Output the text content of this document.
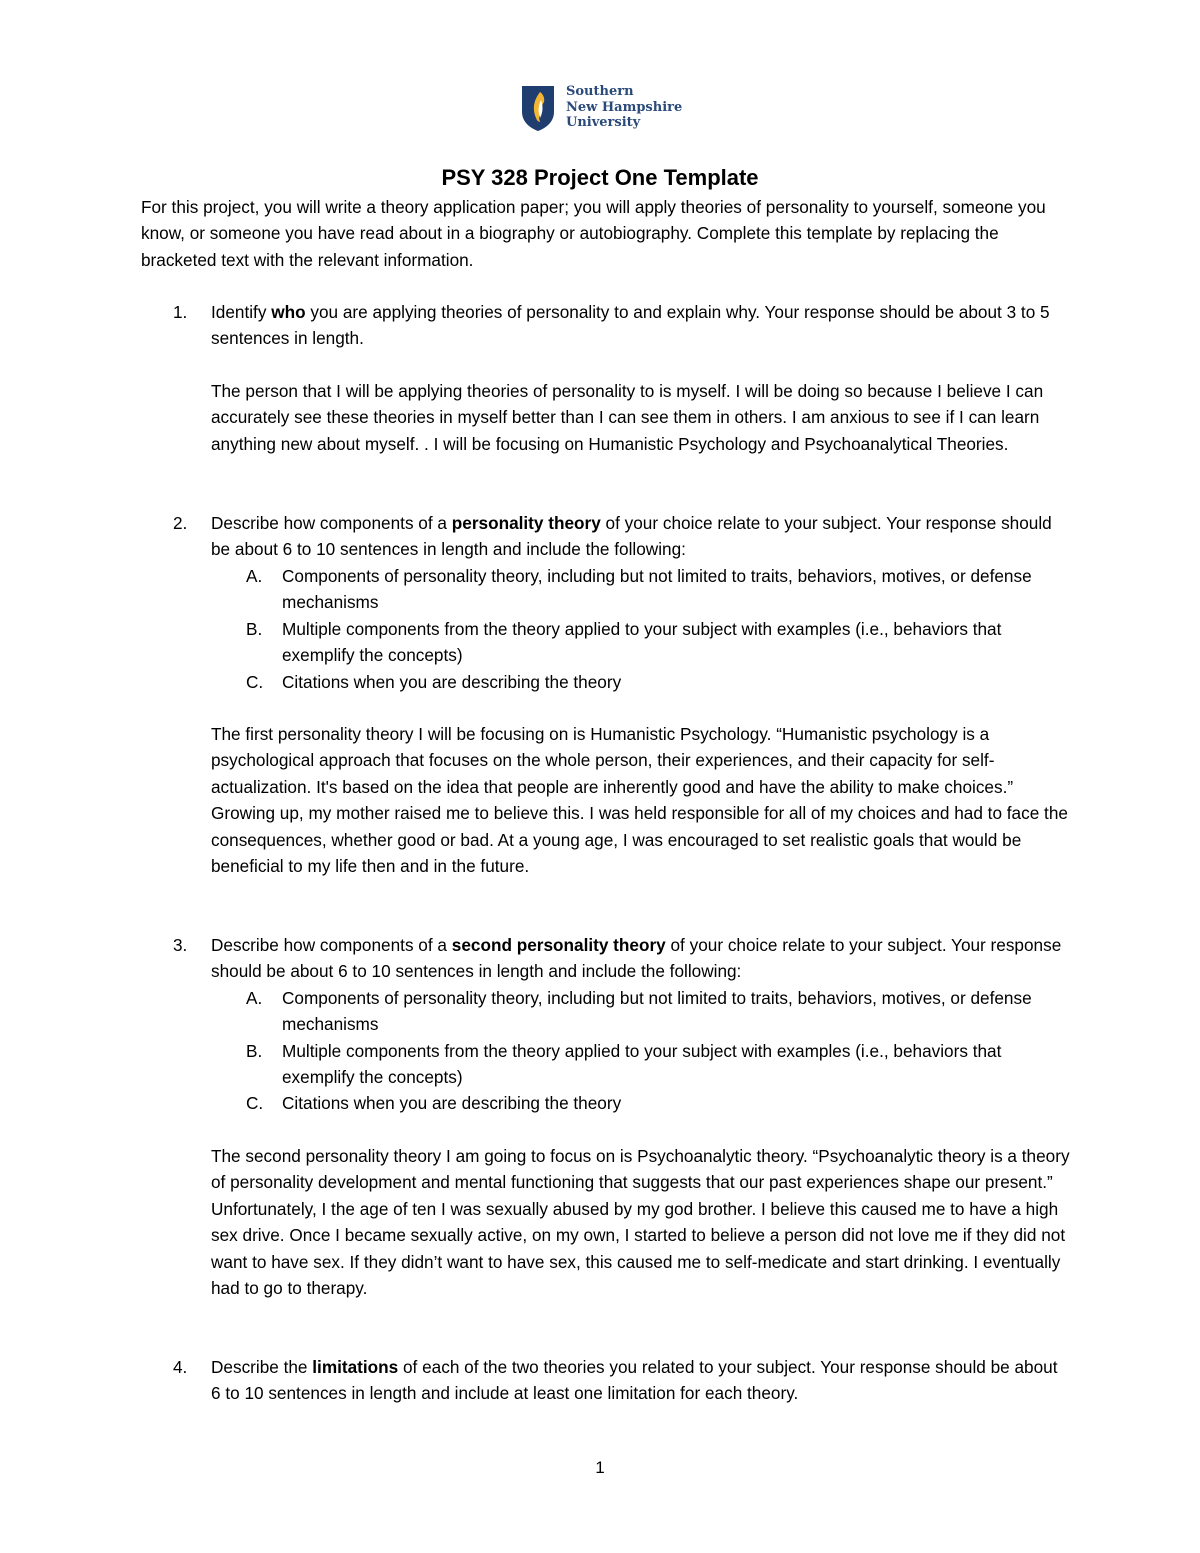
Southern
New Hampshire
University
PSY 328 Project One Template
For this project, you will write a theory application paper; you will apply theories of personality to yourself, someone you know, or someone you have read about in a biography or autobiography. Complete this template by replacing the bracketed text with the relevant information.
1. Identify who you are applying theories of personality to and explain why. Your response should be about 3 to 5 sentences in length.
The person that I will be applying theories of personality to is myself. I will be doing so because I believe I can accurately see these theories in myself better than I can see them in others. I am anxious to see if I can learn anything new about myself. . I will be focusing on Humanistic Psychology and Psychoanalytical Theories.
2. Describe how components of a personality theory of your choice relate to your subject. Your response should be about 6 to 10 sentences in length and include the following:
A. Components of personality theory, including but not limited to traits, behaviors, motives, or defense mechanisms
B. Multiple components from the theory applied to your subject with examples (i.e., behaviors that exemplify the concepts)
C. Citations when you are describing the theory
The first personality theory I will be focusing on is Humanistic Psychology. “Humanistic psychology is a psychological approach that focuses on the whole person, their experiences, and their capacity for self-actualization. It's based on the idea that people are inherently good and have the ability to make choices.” Growing up, my mother raised me to believe this. I was held responsible for all of my choices and had to face the consequences, whether good or bad. At a young age, I was encouraged to set realistic goals that would be beneficial to my life then and in the future.
3. Describe how components of a second personality theory of your choice relate to your subject. Your response should be about 6 to 10 sentences in length and include the following:
A. Components of personality theory, including but not limited to traits, behaviors, motives, or defense mechanisms
B. Multiple components from the theory applied to your subject with examples (i.e., behaviors that exemplify the concepts)
C. Citations when you are describing the theory
The second personality theory I am going to focus on is Psychoanalytic theory. “Psychoanalytic theory is a theory of personality development and mental functioning that suggests that our past experiences shape our present.” Unfortunately, I the age of ten I was sexually abused by my god brother. I believe this caused me to have a high sex drive. Once I became sexually active, on my own, I started to believe a person did not love me if they did not want to have sex. If they didn’t want to have sex, this caused me to self-medicate and start drinking. I eventually had to go to therapy.
4. Describe the limitations of each of the two theories you related to your subject. Your response should be about 6 to 10 sentences in length and include at least one limitation for each theory.
1
